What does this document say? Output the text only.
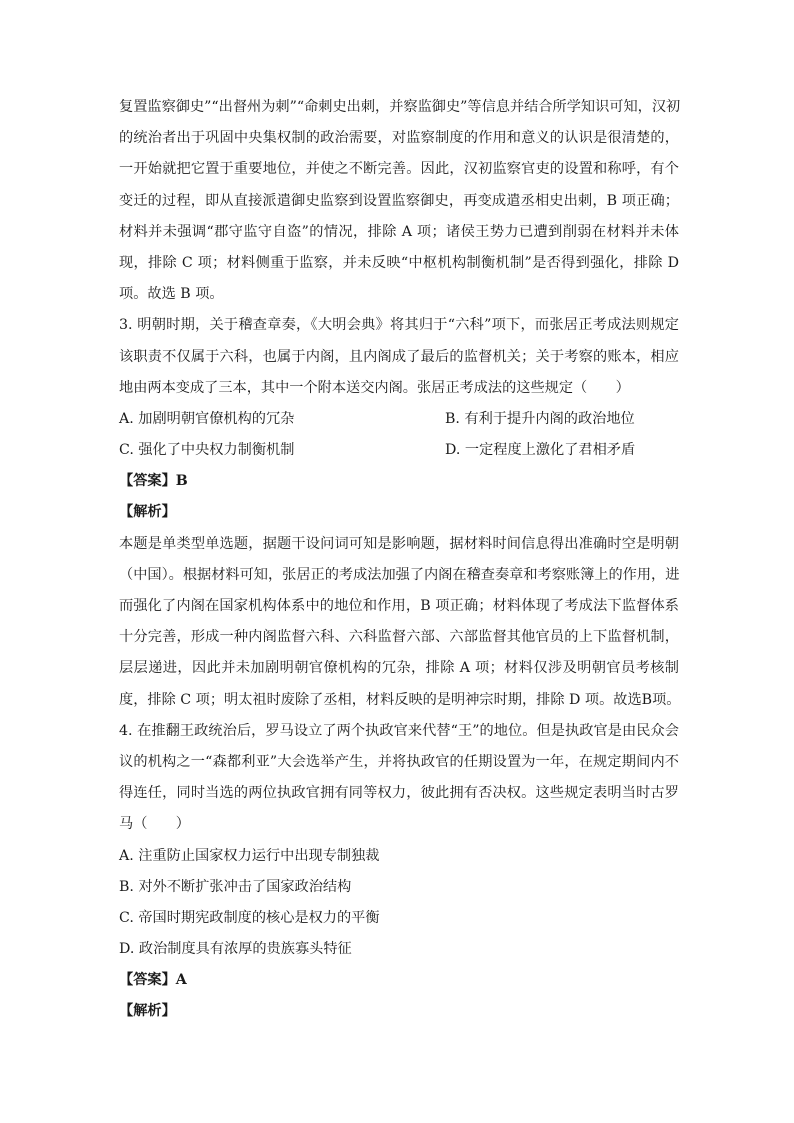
复置监察御史”“出督州为刺”“命刺史出刺，并察监御史”等信息并结合所学知识可知，汉初
的统治者出于巩固中央集权制的政治需要，对监察制度的作用和意义的认识是很清楚的，
一开始就把它置于重要地位，并使之不断完善。因此，汉初监察官吏的设置和称呼，有个
变迁的过程，即从直接派遣御史监察到设置监察御史，再变成遣丞相史出刺，B 项正确；
材料并未强调“郡守监守自盗”的情况，排除 A 项；诸侯王势力已遭到削弱在材料并未体
现，排除 C 项；材料侧重于监察，并未反映“中枢机构制衡机制”是否得到强化，排除 D
项。故选 B 项。
3. 明朝时期，关于稽查章奏，《大明会典》将其归于“六科”项下，而张居正考成法则规定
该职责不仅属于六科，也属于内阁，且内阁成了最后的监督机关；关于考察的账本，相应
地由两本变成了三本，其中一个附本送交内阁。张居正考成法的这些规定（　　）
A. 加剧明朝官僚机构的冗杂	B. 有利于提升内阁的政治地位
C. 强化了中央权力制衡机制	D. 一定程度上激化了君相矛盾
【答案】B
【解析】
本题是单类型单选题，据题干设问词可知是影响题，据材料时间信息得出准确时空是明朝
（中国）。根据材料可知，张居正的考成法加强了内阁在稽查奏章和考察账簿上的作用，进
而强化了内阁在国家机构体系中的地位和作用，B 项正确；材料体现了考成法下监督体系
十分完善，形成一种内阁监督六科、六科监督六部、六部监督其他官员的上下监督机制，
层层递进，因此并未加剧明朝官僚机构的冗杂，排除 A 项；材料仅涉及明朝官员考核制
度，排除 C 项；明太祖时废除了丞相，材料反映的是明神宗时期，排除 D 项。故选B项。
4. 在推翻王政统治后，罗马设立了两个执政官来代替“王”的地位。但是执政官是由民众会
议的机构之一“森都利亚”大会选举产生，并将执政官的任期设置为一年，在规定期间内不
得连任，同时当选的两位执政官拥有同等权力，彼此拥有否决权。这些规定表明当时古罗
马（　　）
A. 注重防止国家权力运行中出现专制独裁
B. 对外不断扩张冲击了国家政治结构
C. 帝国时期宪政制度的核心是权力的平衡
D. 政治制度具有浓厚的贵族寡头特征
【答案】A
【解析】
